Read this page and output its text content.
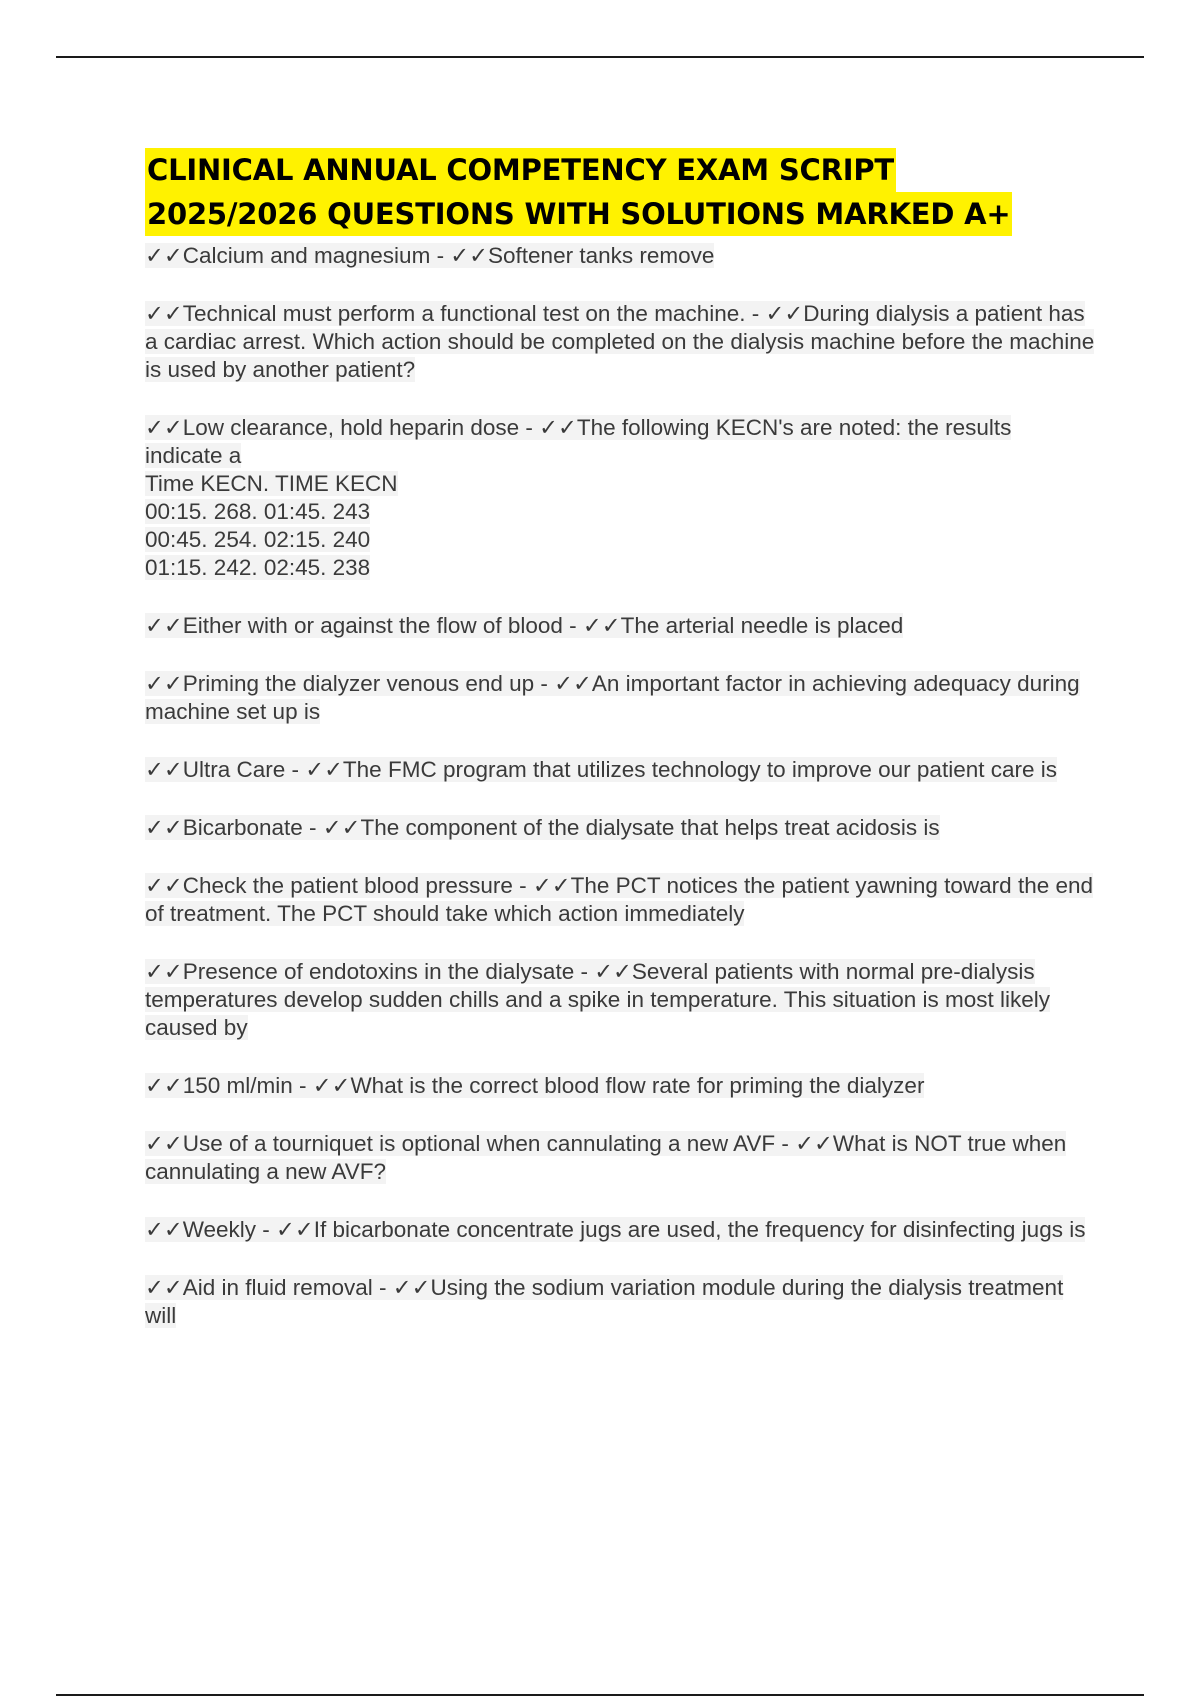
CLINICAL ANNUAL COMPETENCY EXAM SCRIPT
2025/2026 QUESTIONS WITH SOLUTIONS MARKED A+

✓✓Calcium and magnesium - ✓✓Softener tanks remove

✓✓Technical must perform a functional test on the machine. - ✓✓During dialysis a patient has a cardiac arrest. Which action should be completed on the dialysis machine before the machine is used by another patient?

✓✓Low clearance, hold heparin dose - ✓✓The following KECN's are noted: the results indicate a
Time KECN. TIME KECN
00:15. 268. 01:45. 243
00:45. 254. 02:15. 240
01:15. 242. 02:45. 238

✓✓Either with or against the flow of blood - ✓✓The arterial needle is placed

✓✓Priming the dialyzer venous end up - ✓✓An important factor in achieving adequacy during machine set up is

✓✓Ultra Care - ✓✓The FMC program that utilizes technology to improve our patient care is

✓✓Bicarbonate - ✓✓The component of the dialysate that helps treat acidosis is

✓✓Check the patient blood pressure - ✓✓The PCT notices the patient yawning toward the end of treatment. The PCT should take which action immediately

✓✓Presence of endotoxins in the dialysate - ✓✓Several patients with normal pre-dialysis temperatures develop sudden chills and a spike in temperature. This situation is most likely caused by

✓✓150 ml/min - ✓✓What is the correct blood flow rate for priming the dialyzer

✓✓Use of a tourniquet is optional when cannulating a new AVF - ✓✓What is NOT true when cannulating a new AVF?

✓✓Weekly - ✓✓If bicarbonate concentrate jugs are used, the frequency for disinfecting jugs is

✓✓Aid in fluid removal - ✓✓Using the sodium variation module during the dialysis treatment will
